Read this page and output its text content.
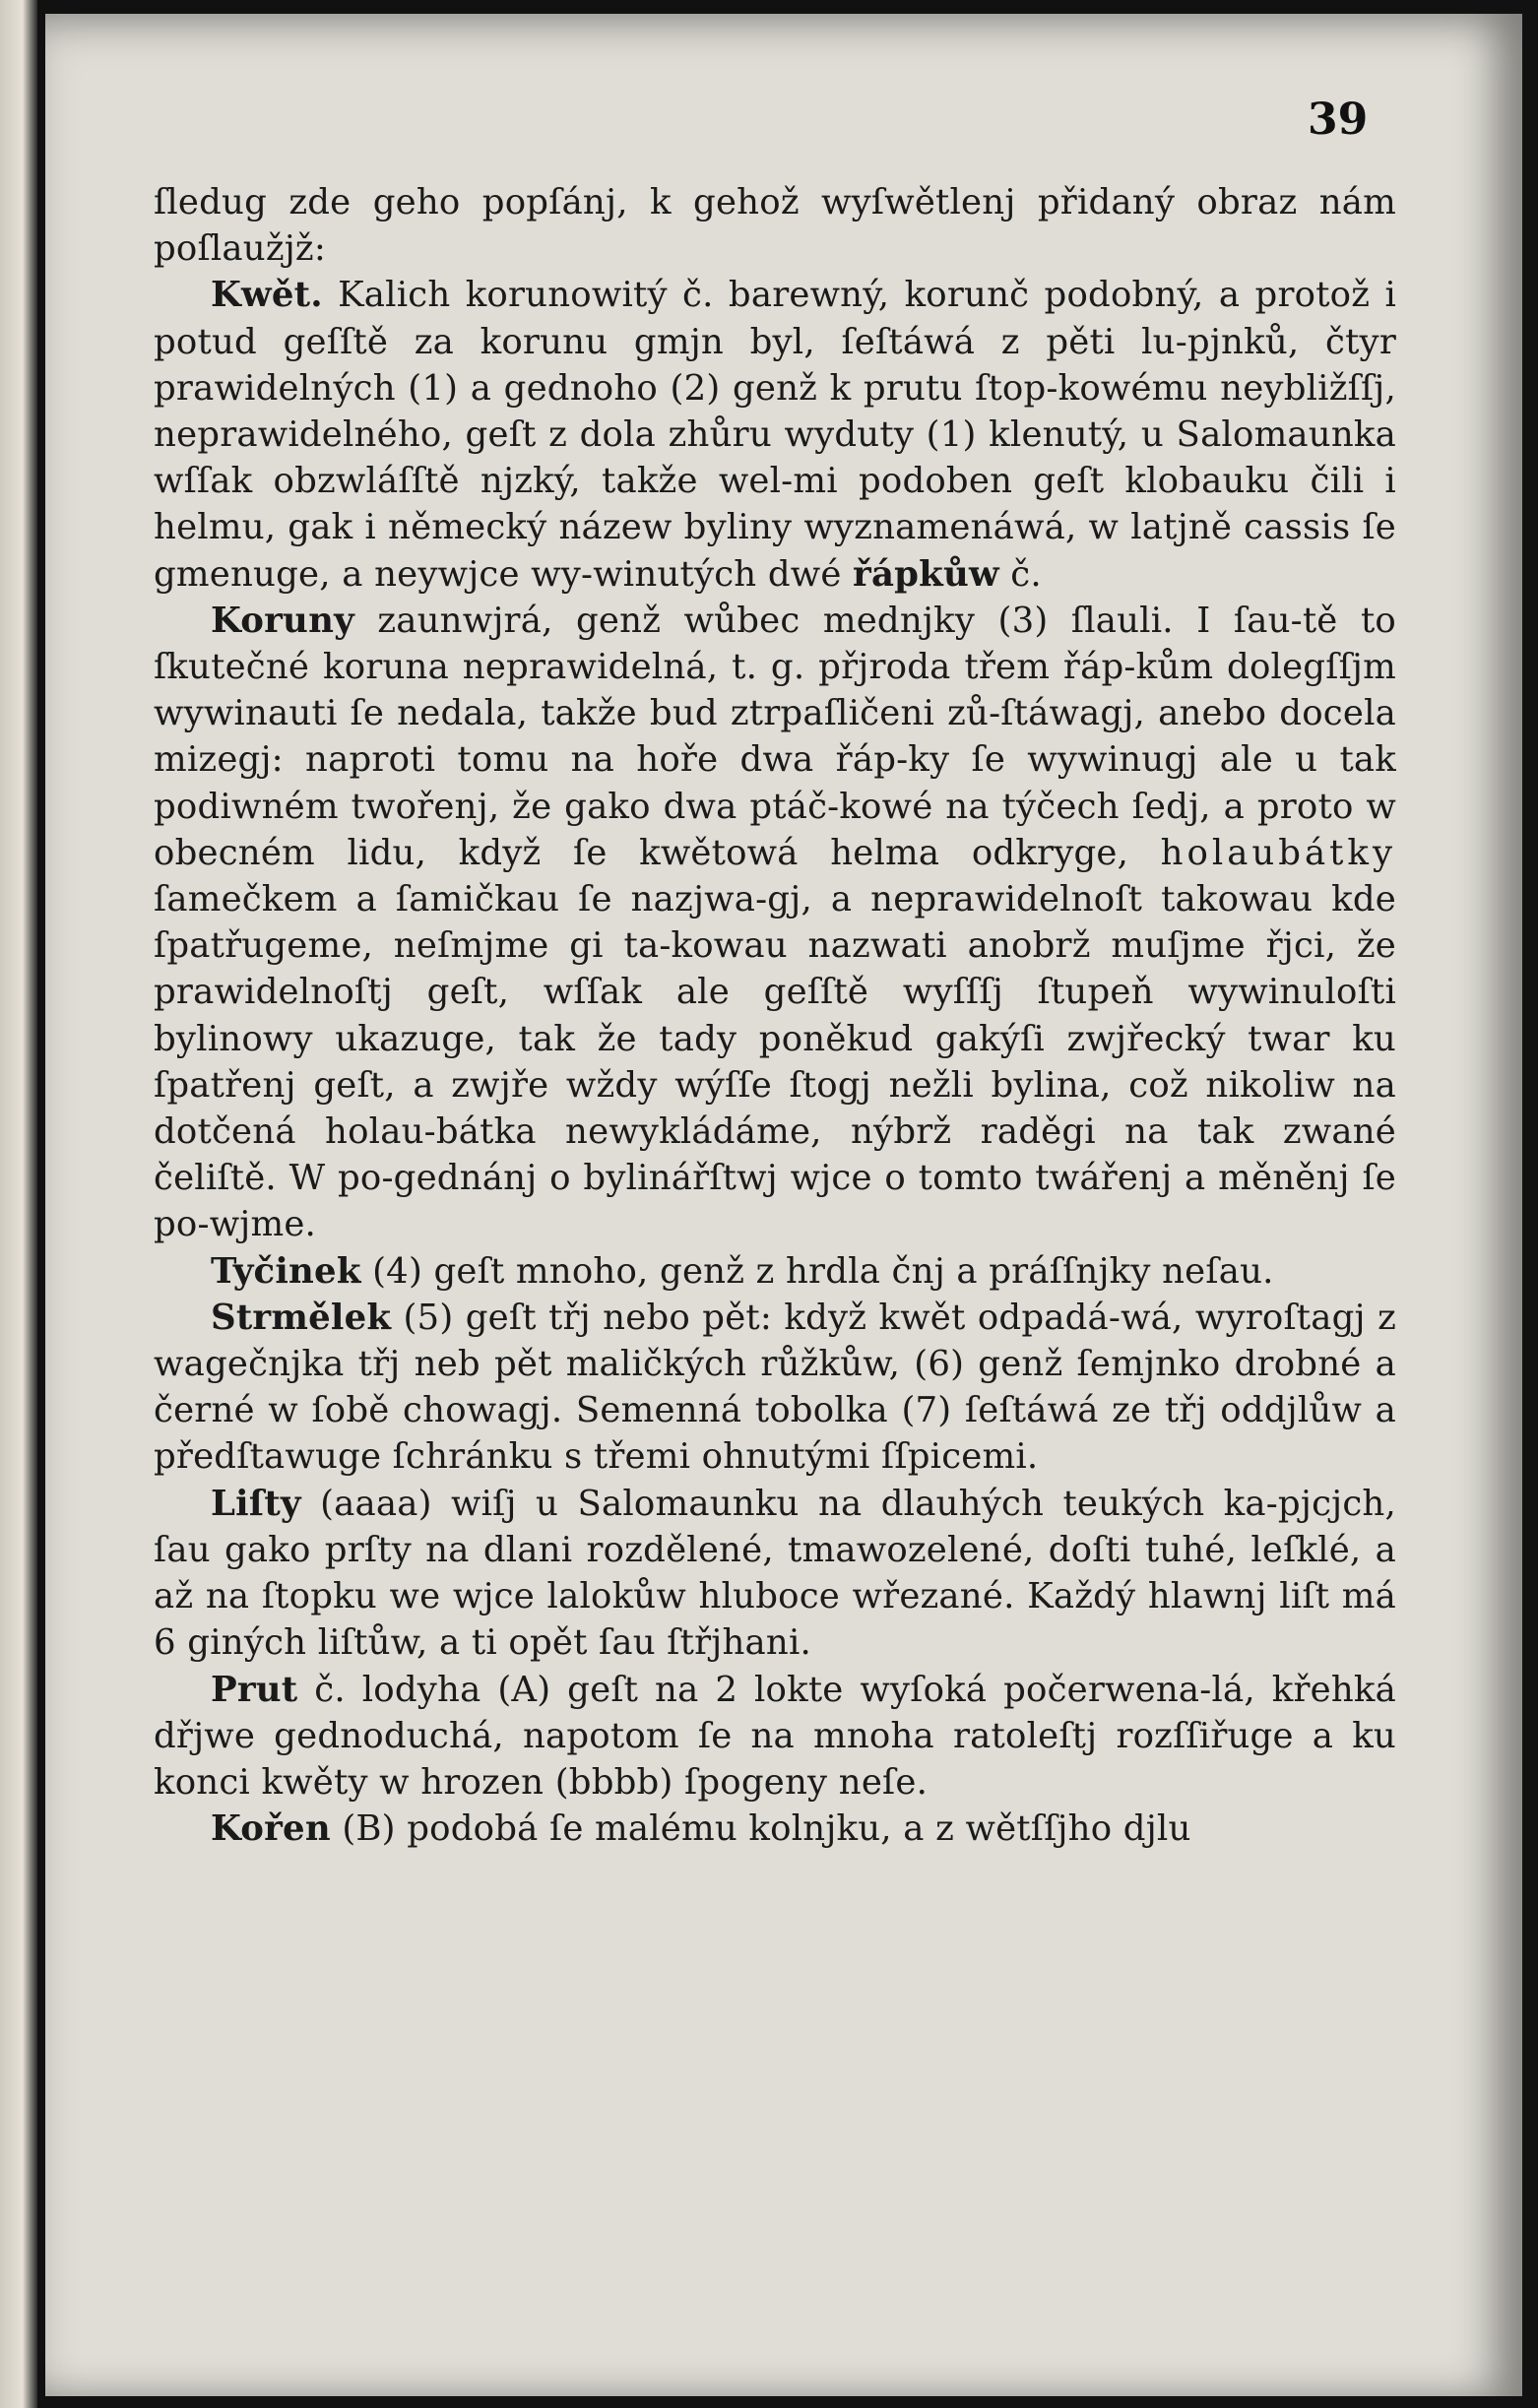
39

ſledug zde geho popſánj, k gehož wyſwětlenj přidaný obraz nám poſlaužjž:

Kwět. Kalich korunowitý č. barewný, korunč podobný, a protož i potud geſſtě za korunu gmjn byl, ſeſtáwá z pěti lu-pjnků, čtyr prawidelných (1) a gednoho (2) genž k prutu ſtop-kowému neybližſſj, neprawidelného, geſt z dola zhůru wyduty (1) klenutý, u Salomaunka wſſak obzwláſſtě njzký, takže wel-mi podoben geſt klobauku čili i helmu, gak i německý názew byliny wyznamenáwá, w latjně cassis ſe gmenuge, a neywjce wy-winutých dwé řápkůw č.

Koruny zaunwjrá, genž wůbec mednjky (3) ſlauli. I ſau-tě to ſkutečné koruna neprawidelná, t. g. přjroda třem řáp-kům dolegſſjm wywinauti ſe nedala, takže bud ztrpaſličeni zů-ſtáwagj, anebo docela mizegj: naproti tomu na hoře dwa řáp-ky ſe wywinugj ale u tak podiwném twořenj, že gako dwa ptáč-kowé na týčech ſedj, a proto w obecném lidu, když ſe kwětowá helma odkryge, holaubátky ſamečkem a ſamičkau ſe nazjwa-gj, a neprawidelnoſt takowau kde ſpatřugeme, neſmjme gi ta-kowau nazwati anobrž muſjme řjci, že prawidelnoſtj geſt, wſſak ale geſſtě wyſſſj ſtupeň wywinuloſti bylinowy ukazuge, tak že tady poněkud gakýſi zwjřecký twar ku ſpatřenj geſt, a zwjře wždy wýſſe ſtogj nežli bylina, což nikoliw na dotčená holau-bátka newykládáme, nýbrž raděgi na tak zwané čeliſtě. W po-gednánj o bylinářſtwj wjce o tomto twářenj a měněnj ſe po-wjme.

Tyčinek (4) geſt mnoho, genž z hrdla čnj a práſſnjky neſau.

Strmělek (5) geſt třj nebo pět: když kwět odpadá-wá, wyroſtagj z wagečnjka třj neb pět maličkých růžkůw, (6) genž ſemjnko drobné a černé w ſobě chowagj. Semenná tobolka (7) ſeſtáwá ze třj oddjlůw a předſtawuge ſchránku s třemi ohnutými ſſpicemi.

Liſty (aaaa) wiſj u Salomaunku na dlauhých teukých ka-pjcjch, ſau gako prſty na dlani rozdělené, tmawozelené, doſti tuhé, leſklé, a až na ſtopku we wjce lalokůw hluboce wřezané. Každý hlawnj liſt má 6 giných liſtůw, a ti opět ſau ſtřjhani.

Prut č. lodyha (A) geſt na 2 lokte wyſoká počerwena-lá, křehká dřjwe gednoduchá, napotom ſe na mnoha ratoleſtj rozſſiřuge a ku konci kwěty w hrozen (bbbb) ſpogeny neſe.

Kořen (B) podobá ſe malému kolnjku, a z wětſſjho djlu
